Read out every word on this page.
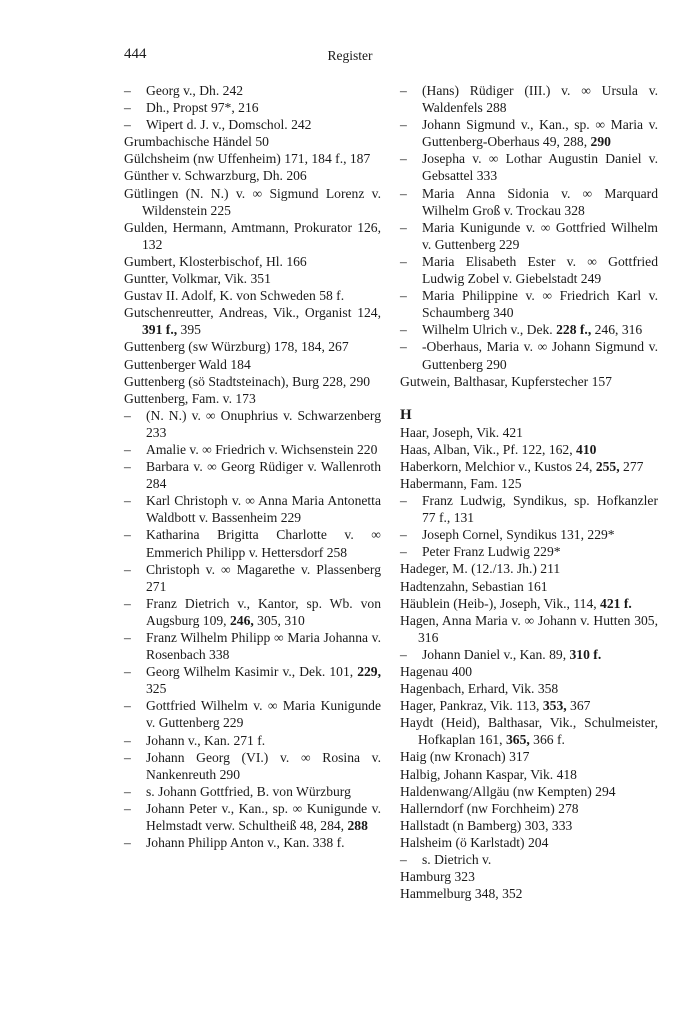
444	Register

– Georg v., Dh. 242

– Dh., Propst 97*, 216

– Wipert d. J. v., Domschol. 242

Grumbachische Händel 50

Gülchsheim (nw Uffenheim) 171, 184 f., 187

Günther v. Schwarzburg, Dh. 206

Gütlingen (N. N.) v. ∞ Sigmund Lorenz v. Wildenstein 225

Gulden, Hermann, Amtmann, Prokurator 126, 132

Gumbert, Klosterbischof, Hl. 166

Guntter, Volkmar, Vik. 351

Gustav II. Adolf, K. von Schweden 58 f.

Gutschenreutter, Andreas, Vik., Organist 124, 391 f., 395

Guttenberg (sw Würzburg) 178, 184, 267

Guttenberger Wald 184

Guttenberg (sö Stadtsteinach), Burg 228, 290

Guttenberg, Fam. v. 173

– (N. N.) v. ∞ Onuphrius v. Schwarzenberg 233

– Amalie v. ∞ Friedrich v. Wichsenstein 220

– Barbara v. ∞ Georg Rüdiger v. Wallenroth 284

– Karl Christoph v. ∞ Anna Maria Antonetta Waldbott v. Bassenheim 229

– Katharina Brigitta Charlotte v. ∞ Emmerich Philipp v. Hettersdorf 258

– Christoph v. ∞ Magarethe v. Plassenberg 271

– Franz Dietrich v., Kantor, sp. Wb. von Augsburg 109, 246, 305, 310

– Franz Wilhelm Philipp ∞ Maria Johanna v. Rosenbach 338

– Georg Wilhelm Kasimir v., Dek. 101, 229, 325

– Gottfried Wilhelm v. ∞ Maria Kunigunde v. Guttenberg 229

– Johann v., Kan. 271 f.

– Johann Georg (VI.) v. ∞ Rosina v. Nankenreuth 290

– s. Johann Gottfried, B. von Würzburg

– Johann Peter v., Kan., sp. ∞ Kunigunde v. Helmstadt verw. Schultheiß 48, 284, 288

– Johann Philipp Anton v., Kan. 338 f.

– (Hans) Rüdiger (III.) v. ∞ Ursula v. Waldenfels 288

– Johann Sigmund v., Kan., sp. ∞ Maria v. Guttenberg-Oberhaus 49, 288, 290

– Josepha v. ∞ Lothar Augustin Daniel v. Gebsattel 333

– Maria Anna Sidonia v. ∞ Marquard Wilhelm Groß v. Trockau 328

– Maria Kunigunde v. ∞ Gottfried Wilhelm v. Guttenberg 229

– Maria Elisabeth Ester v. ∞ Gottfried Ludwig Zobel v. Giebelstadt 249

– Maria Philippine v. ∞ Friedrich Karl v. Schaumberg 340

– Wilhelm Ulrich v., Dek. 228 f., 246, 316

– -Oberhaus, Maria v. ∞ Johann Sigmund v. Guttenberg 290

Gutwein, Balthasar, Kupferstecher 157

H

Haar, Joseph, Vik. 421

Haas, Alban, Vik., Pf. 122, 162, 410

Haberkorn, Melchior v., Kustos 24, 255, 277

Habermann, Fam. 125

– Franz Ludwig, Syndikus, sp. Hofkanzler 77 f., 131

– Joseph Cornel, Syndikus 131, 229*

– Peter Franz Ludwig 229*

Hadeger, M. (12./13. Jh.) 211

Hadtenzahn, Sebastian 161

Häublein (Heib-), Joseph, Vik., 114, 421 f.

Hagen, Anna Maria v. ∞ Johann v. Hutten 305, 316

– Johann Daniel v., Kan. 89, 310 f.

Hagenau 400

Hagenbach, Erhard, Vik. 358

Hager, Pankraz, Vik. 113, 353, 367

Haydt (Heid), Balthasar, Vik., Schulmeister, Hofkaplan 161, 365, 366 f.

Haig (nw Kronach) 317

Halbig, Johann Kaspar, Vik. 418

Haldenwang/Allgäu (nw Kempten) 294

Hallerndorf (nw Forchheim) 278

Hallstadt (n Bamberg) 303, 333

Halsheim (ö Karlstadt) 204

– s. Dietrich v.

Hamburg 323

Hammelburg 348, 352
